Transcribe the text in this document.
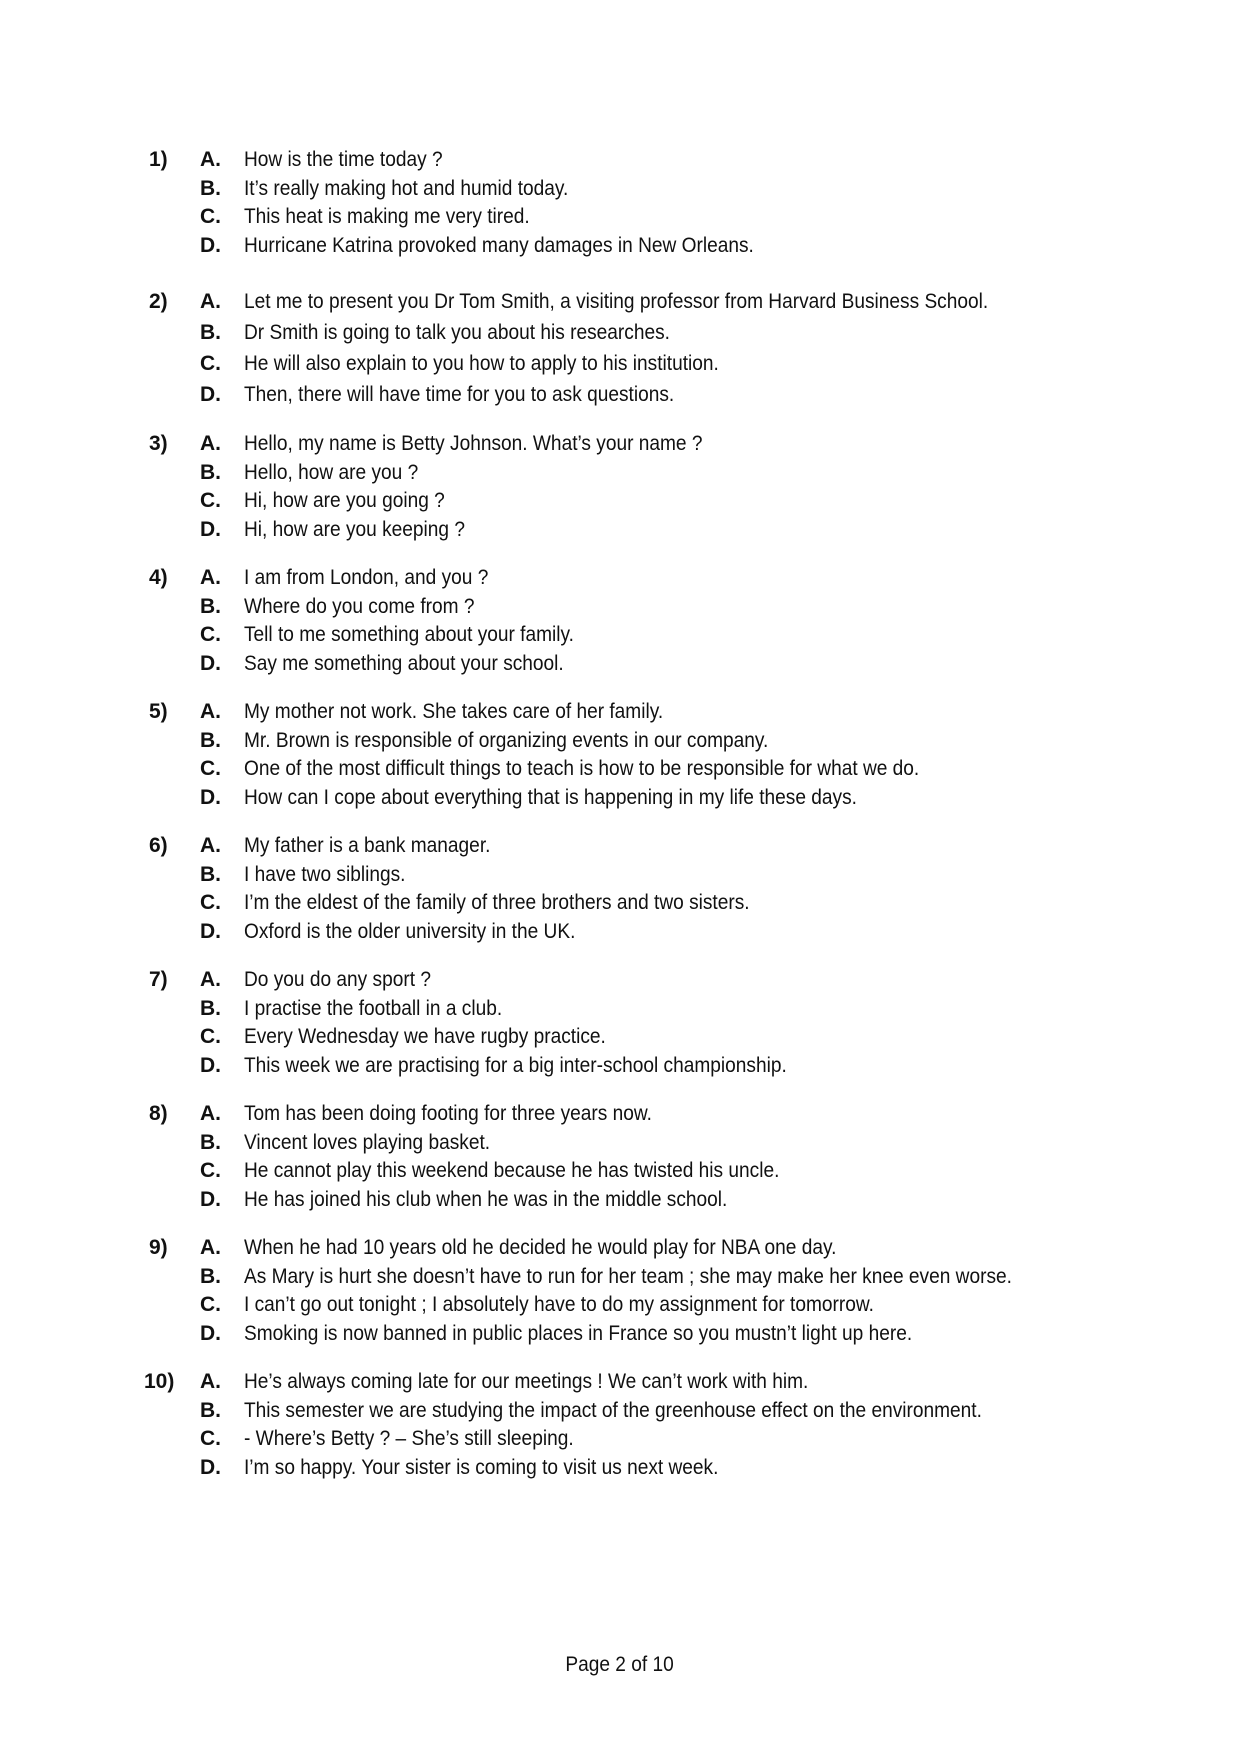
1) A. How is the time today ?
B. It’s really making hot and humid today.
C. This heat is making me very tired.
D. Hurricane Katrina provoked many damages in New Orleans.
2) A. Let me to present you Dr Tom Smith, a visiting professor from Harvard Business School.
B. Dr Smith is going to talk you about his researches.
C. He will also explain to you how to apply to his institution.
D. Then, there will have time for you to ask questions.
3) A. Hello, my name is Betty Johnson. What’s your name ?
B. Hello, how are you ?
C. Hi, how are you going ?
D. Hi, how are you keeping ?
4) A. I am from London, and you ?
B. Where do you come from ?
C. Tell to me something about your family.
D. Say me something about your school.
5) A. My mother not work. She takes care of her family.
B. Mr. Brown is responsible of organizing events in our company.
C. One of the most difficult things to teach is how to be responsible for what we do.
D. How can I cope about everything that is happening in my life these days.
6) A. My father is a bank manager.
B. I have two siblings.
C. I’m the eldest of the family of three brothers and two sisters.
D. Oxford is the older university in the UK.
7) A. Do you do any sport ?
B. I practise the football in a club.
C. Every Wednesday we have rugby practice.
D. This week we are practising for a big inter-school championship.
8) A. Tom has been doing footing for three years now.
B. Vincent loves playing basket.
C. He cannot play this weekend because he has twisted his uncle.
D. He has joined his club when he was in the middle school.
9) A. When he had 10 years old he decided he would play for NBA one day.
B. As Mary is hurt she doesn’t have to run for her team ; she may make her knee even worse.
C. I can’t go out tonight ; I absolutely have to do my assignment for tomorrow.
D. Smoking is now banned in public places in France so you mustn’t light up here.
10) A. He’s always coming late for our meetings ! We can’t work with him.
B. This semester we are studying the impact of the greenhouse effect on the environment.
C. - Where’s Betty ? – She’s still sleeping.
D. I’m so happy. Your sister is coming to visit us next week.
Page 2 of 10
